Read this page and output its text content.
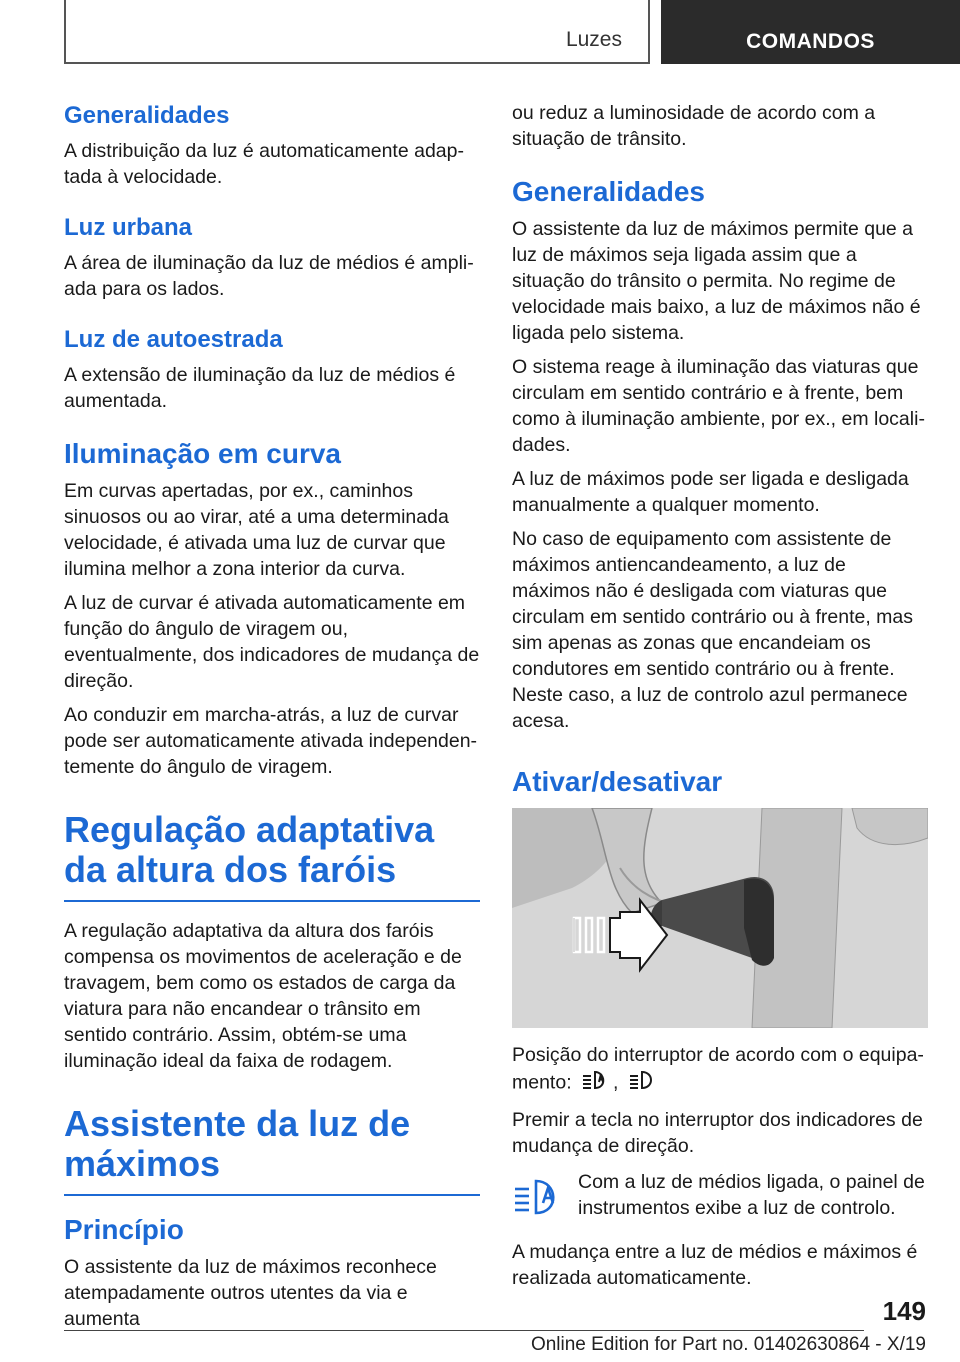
Luzes	COMANDOS
Generalidades

A distribuição da luz é automaticamente adaptada à velocidade.

Luz urbana

A área de iluminação da luz de médios é ampliada para os lados.

Luz de autoestrada

A extensão de iluminação da luz de médios é aumentada.

Iluminação em curva

Em curvas apertadas, por ex., caminhos sinuosos ou ao virar, até a uma determinada velocidade, é ativada uma luz de curvar que ilumina melhor a zona interior da curva.

A luz de curvar é ativada automaticamente em função do ângulo de viragem ou, eventualmente, dos indicadores de mudança de direção.

Ao conduzir em marcha-atrás, a luz de curvar pode ser automaticamente ativada independentemente do ângulo de viragem.

Regulação adaptativa da altura dos faróis

A regulação adaptativa da altura dos faróis compensa os movimentos de aceleração e de travagem, bem como os estados de carga da viatura para não encandear o trânsito em sentido contrário. Assim, obtém-se uma iluminação ideal da faixa de rodagem.

Assistente da luz de máximos
Princípio

O assistente da luz de máximos reconhece atempadamente outros utentes da via e aumenta

ou reduz a luminosidade de acordo com a situação de trânsito.

Generalidades

O assistente da luz de máximos permite que a luz de máximos seja ligada assim que a situação do trânsito o permita. No regime de velocidade mais baixo, a luz de máximos não é ligada pelo sistema.

O sistema reage à iluminação das viaturas que circulam em sentido contrário e à frente, bem como à iluminação ambiente, por ex., em localidades.

A luz de máximos pode ser ligada e desligada manualmente a qualquer momento.

No caso de equipamento com assistente de máximos antiencandeamento, a luz de máximos não é desligada com viaturas que circulam em sentido contrário ou à frente, mas sim apenas as zonas que encandeiam os condutores em sentido contrário ou à frente. Neste caso, a luz de controlo azul permanece acesa.

Ativar/desativar

Posição do interruptor de acordo com o equipamento: ,

Premir a tecla no interruptor dos indicadores de mudança de direção.

Com a luz de médios ligada, o painel de instrumentos exibe a luz de controlo.

A mudança entre a luz de médios e máximos é realizada automaticamente.

149
Online Edition for Part no. 01402630864 - X/19
